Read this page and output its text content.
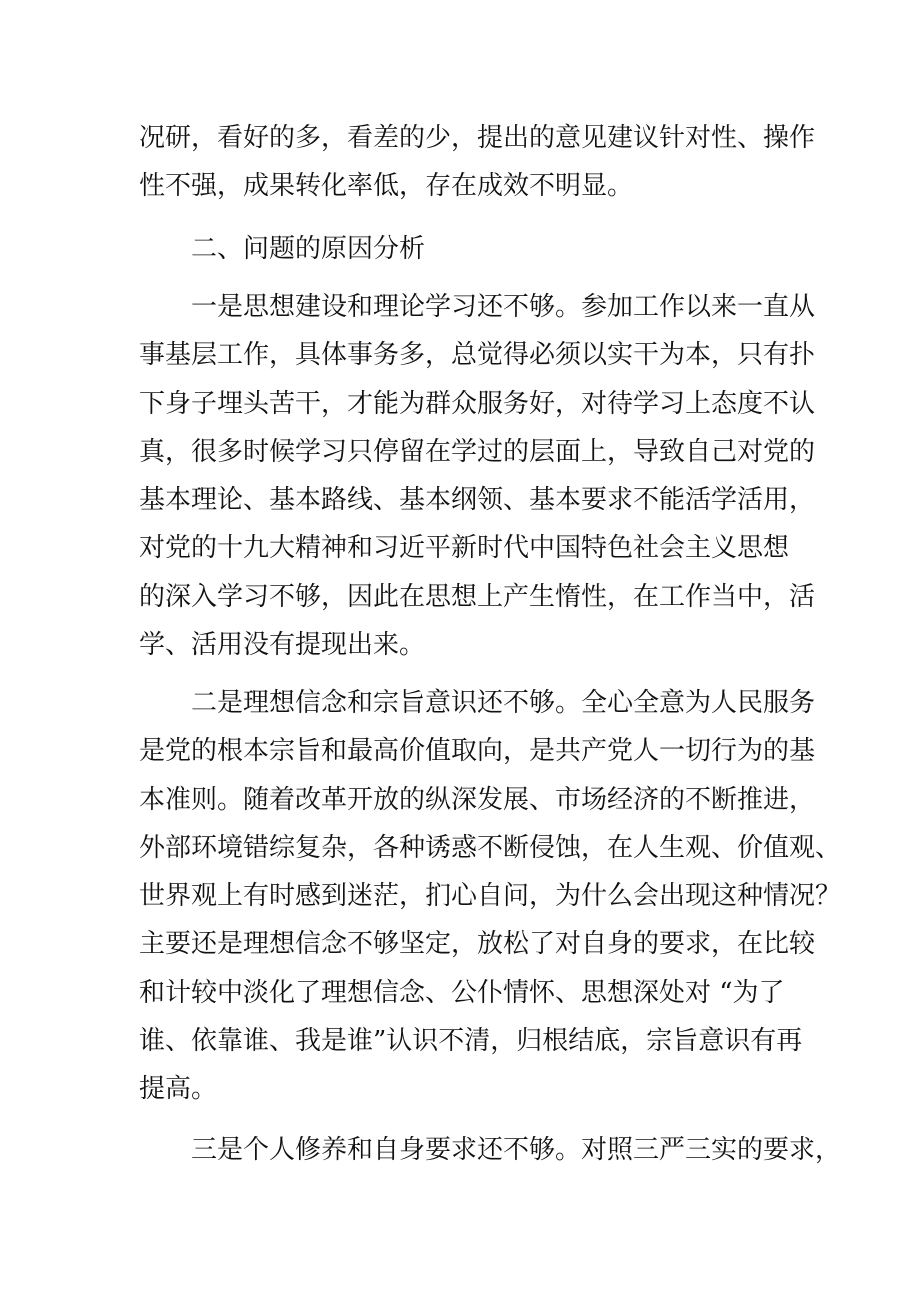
况研，看好的多，看差的少，提出的意见建议针对性、操作
性不强，成果转化率低，存在成效不明显。
二、问题的原因分析
一是思想建设和理论学习还不够。参加工作以来一直从
事基层工作，具体事务多，总觉得必须以实干为本，只有扑
下身子埋头苦干，才能为群众服务好，对待学习上态度不认
真，很多时候学习只停留在学过的层面上，导致自己对党的
基本理论、基本路线、基本纲领、基本要求不能活学活用，
对党的十九大精神和习近平新时代中国特色社会主义思想
的深入学习不够，因此在思想上产生惰性，在工作当中，活
学、活用没有提现出来。
二是理想信念和宗旨意识还不够。全心全意为人民服务
是党的根本宗旨和最高价值取向，是共产党人一切行为的基
本准则。随着改革开放的纵深发展、市场经济的不断推进，
外部环境错综复杂，各种诱惑不断侵蚀，在人生观、价值观、
世界观上有时感到迷茫，扪心自问，为什么会出现这种情况？
主要还是理想信念不够坚定，放松了对自身的要求，在比较
和计较中淡化了理想信念、公仆情怀、思想深处对 “为了
谁、依靠谁、我是谁”认识不清，归根结底，宗旨意识有再
提高。
三是个人修养和自身要求还不够。对照三严三实的要求，
